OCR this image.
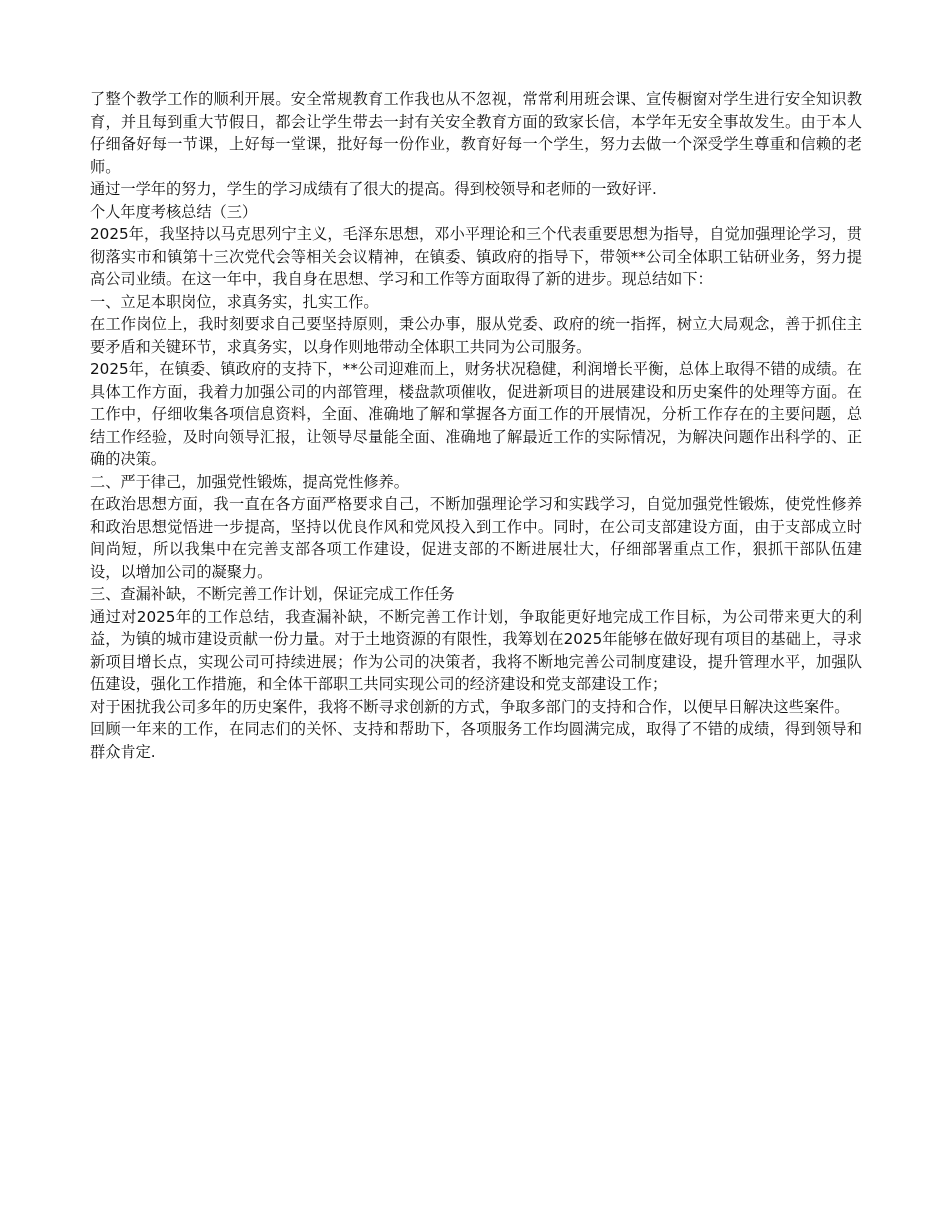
了整个教学工作的顺利开展。安全常规教育工作我也从不忽视，常常利用班会课、宣传橱窗对学生进行安全知识教育，并且每到重大节假日，都会让学生带去一封有关安全教育方面的致家长信，本学年无安全事故发生。由于本人仔细备好每一节课，上好每一堂课，批好每一份作业，教育好每一个学生，努力去做一个深受学生尊重和信赖的老师。

通过一学年的努力，学生的学习成绩有了很大的提高。得到校领导和老师的一致好评.

个人年度考核总结（三）

2025年，我坚持以马克思列宁主义，毛泽东思想，邓小平理论和三个代表重要思想为指导，自觉加强理论学习，贯彻落实市和镇第十三次党代会等相关会议精神，在镇委、镇政府的指导下，带领**公司全体职工钻研业务，努力提高公司业绩。在这一年中，我自身在思想、学习和工作等方面取得了新的进步。现总结如下：

一、立足本职岗位，求真务实，扎实工作。

在工作岗位上，我时刻要求自己要坚持原则，秉公办事，服从党委、政府的统一指挥，树立大局观念，善于抓住主要矛盾和关键环节，求真务实，以身作则地带动全体职工共同为公司服务。

2025年，在镇委、镇政府的支持下，**公司迎难而上，财务状况稳健，利润增长平衡，总体上取得不错的成绩。在具体工作方面，我着力加强公司的内部管理，楼盘款项催收，促进新项目的进展建设和历史案件的处理等方面。在工作中，仔细收集各项信息资料，全面、准确地了解和掌握各方面工作的开展情况，分析工作存在的主要问题，总结工作经验，及时向领导汇报，让领导尽量能全面、准确地了解最近工作的实际情况，为解决问题作出科学的、正确的决策。

二、严于律己，加强党性锻炼，提高党性修养。

在政治思想方面，我一直在各方面严格要求自己，不断加强理论学习和实践学习，自觉加强党性锻炼，使党性修养和政治思想觉悟进一步提高，坚持以优良作风和党风投入到工作中。同时，在公司支部建设方面，由于支部成立时间尚短，所以我集中在完善支部各项工作建设，促进支部的不断进展壮大，仔细部署重点工作，狠抓干部队伍建设，以增加公司的凝聚力。

三、查漏补缺，不断完善工作计划，保证完成工作任务

通过对2025年的工作总结，我查漏补缺，不断完善工作计划，争取能更好地完成工作目标，为公司带来更大的利益，为镇的城市建设贡献一份力量。对于土地资源的有限性，我筹划在2025年能够在做好现有项目的基础上，寻求新项目增长点，实现公司可持续进展；作为公司的决策者，我将不断地完善公司制度建设，提升管理水平，加强队伍建设，强化工作措施，和全体干部职工共同实现公司的经济建设和党支部建设工作；

对于困扰我公司多年的历史案件，我将不断寻求创新的方式，争取多部门的支持和合作，以便早日解决这些案件。

回顾一年来的工作，在同志们的关怀、支持和帮助下，各项服务工作均圆满完成，取得了不错的成绩，得到领导和群众肯定.
